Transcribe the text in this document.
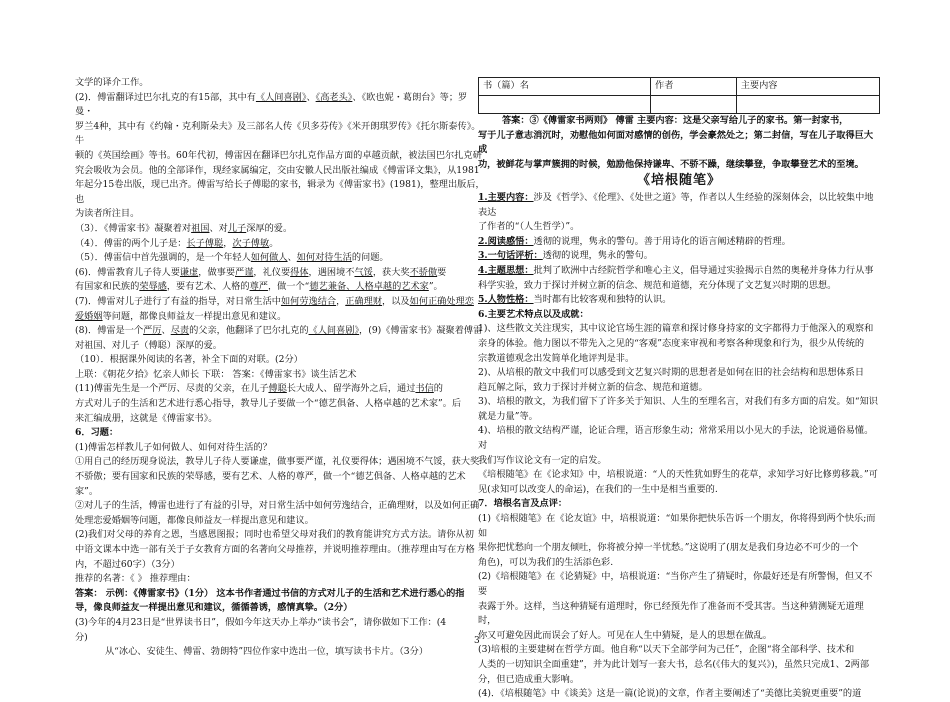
文学的译介工作。

(2)．傅雷翻译过巴尔扎克的有15部，其中有《人间喜剧》、《高老头》、《欧也妮・葛朗台》等；罗曼・

罗兰4种，其中有《约翰・克利斯朵夫》及三部名人传《贝多芬传》《米开朗琪罗传》《托尔斯泰传》。牛

顿的《英国绘画》等书。60年代初，傅雷因在翻译巴尔扎克作品方面的卓越贡献，被法国巴尔扎克研

究会吸收为会员。他的全部译作，现经家属编定，交由安徽人民出版社编成《傅雷译文集》，从1981

年起分15卷出版，现已出齐。傅雷写给长子傅聪的家书，辑录为《傅雷家书》(1981)，整理出版后，也

为读者所注目。

（3）．《傅雷家书》凝聚着对祖国、对儿子深厚的爱。

（4）．傅雷的两个儿子是：长子傅聪，次子傅敏。

（5）．傅雷信中首先强调的，是一个年轻人如何做人、如何对待生活的问题。

(6)．傅雷教育儿子待人要谦虚，做事要严谨，礼仪要得体，遇困境不气馁，获大奖不骄傲要

有国家和民族的荣辱感，要有艺术、人格的尊严，做一个“德艺兼备、人格卓越的艺术家”。

(7)．傅雷对儿子进行了有益的指导，对日常生活中如何劳逸结合，正确理财，以及如何正确处理恋

爱婚姻等问题，都像良师益友一样提出意见和建议。

(8)．傅雷是一个严厉、尽责的父亲，他翻译了巴尔扎克的《人间喜剧》，(9)《傅雷家书》凝聚着傅雷

对祖国、对儿子（傅聪）深厚的爱。

（10）．根据课外阅读的名著，补全下面的对联。(2分）

上联：《朝花夕拾》忆亲人师长 下联： 答案：《傅雷家书》谈生活艺术

(11)傅雷先生是一个严厉、尽责的父亲，在儿子傅聪长大成人、留学海外之后，通过书信的

方式对儿子的生活和艺术进行悉心指导，教导儿子要做一个“德艺俱备、人格卓越的艺术家”。后

来汇编成册，这就是《傅雷家书》。

6．习题：

(1)傅雷怎样教儿子如何做人、如何对待生活的？

①用自己的经历现身说法，教导儿子待人要谦虚，做事要严谨，礼仪要得体；遇困境不气馁，获大奖

不骄傲；要有国家和民族的荣辱感，要有艺术、人格的尊严，做一个“德艺俱备、人格卓越的艺术家”。

②对儿子的生活，傅雷也进行了有益的引导，对日常生活中如何劳逸结合，正确理财，以及如何正确

处理恋爱婚姻等问题，都像良师益友一样提出意见和建议。

(2)我们对父母的养育之恩，当感恩图报；同时也希望父母对我们的教育能讲究方式方法。请你从初

中语文课本中选一部有关于子女教育方面的名著向父母推荐，并说明推荐理由。（推荐理由写在方格

内，不超过60字）（3分）

推荐的名著：《 》 推荐理由：

答案： 示例：《傅雷家书》（1分） 这本书作者通过书信的方式对儿子的生活和艺术进行悉心的指

导，像良师益友一样提出意见和建议，循循善诱，感情真挚。（2分）

(3)今年的4月23日是“世界读书日”，假如今年这天办上举办“读书会”，请你做如下工作：(4

分)

从“冰心、安徒生、傅雷、勃朗特”四位作家中选出一位，填写读书卡片。（3分）

书（篇）名	作者	主要内容

答案：③《傅雷家书两则》 傅雷 主要内容：这是父亲写给儿子的家书。第一封家书，

写于儿子意志消沉时，劝慰他如何面对感情的创伤，学会豪然处之；第二封信，写在儿子取得巨大成

功，被鲜花与掌声簇拥的时候，勉励他保持谦卑、不骄不躁，继续攀登，争取攀登艺术的至境。

《培根随笔》

1.主要内容：涉及《哲学》、《伦理》、《处世之道》等，作者以人生经验的深刻体会，以比较集中地表达

了作者的“（人生哲学）”。

2.阅读感悟：透彻的说理，隽永的警句。善于用诗化的语言阐述精辟的哲理。

3.一句话评析：透彻的说理，隽永的警句。

4.主题思想：批判了欧洲中古经院哲学和唯心主义，倡导通过实验揭示自然的奥秘并身体力行从事

科学实验，致力于探讨并树立新的信念、规范和道德，充分体现了文艺复兴时期的思想。

5.人物性格：当时都有比较客观和独特的认识。

6.主要艺术特点以及成就：

1)、这些散文关注现实，其中议论官场生涯的篇章和探讨修身持家的文字都得力于他深入的观察和

亲身的体验。他力图以不带先入之见的“客观”态度来审视和考察各种现象和行为，很少从传统的

宗教道德观念出发简单化地评判是非。

2)、从培根的散文中我们可以感受到文艺复兴时期的思想者是如何在旧的社会结构和思想体系日

趋瓦解之际，致力于探讨并树立新的信念、规范和道德。

3)、培根的散文，为我们留下了许多关于知识、人生的至理名言，对我们有多方面的启发。如“知识

就是力量”等。

4)、培根的散文结构严谨，论证合理，语言形象生动；常常采用以小见大的手法，论说通俗易懂。对

我们写作议论文有一定的启发。

《培根随笔》在《论求知》中，培根说道：“人的天性犹如野生的花草，求知学习好比修剪移栽。”可

见(求知可以改变人的命运)，在我们的一生中是相当重要的.

7．培根名言及点评：

(1)《培根随笔》在《论友谊》中，培根说道：“如果你把快乐告诉一个朋友，你将得到两个快乐;而如

果你把忧愁向一个朋友倾吐，你将被分掉一半忧愁。”这说明了(朋友是我们身边必不可少的一个

角色)，可以为我们的生活添色彩.

(2)《培根随笔》在《论猜疑》中，培根说道：“当你产生了猜疑时，你最好还是有所警惕，但又不要

表露于外。这样，当这种猜疑有道理时，你已经预先作了准备而不受其害。当这种猜测疑无道理时，

你又可避免因此而误会了好人。可见在人生中猜疑，是人的思想在做乱。

(3)培根的主要建树在哲学方面。他自称“以天下全部学问为己任”，企图“将全部科学、技术和

人类的一切知识全面重建”，并为此计划写一套大书，总名(《伟大的复兴》)，虽然只完成1、2两部

分，但已造成重大影响。

(4)．《培根随笔》中《谈美》这是一篇(论说)的文章，作者主要阐述了“美德比美貌更重要”的道

3
